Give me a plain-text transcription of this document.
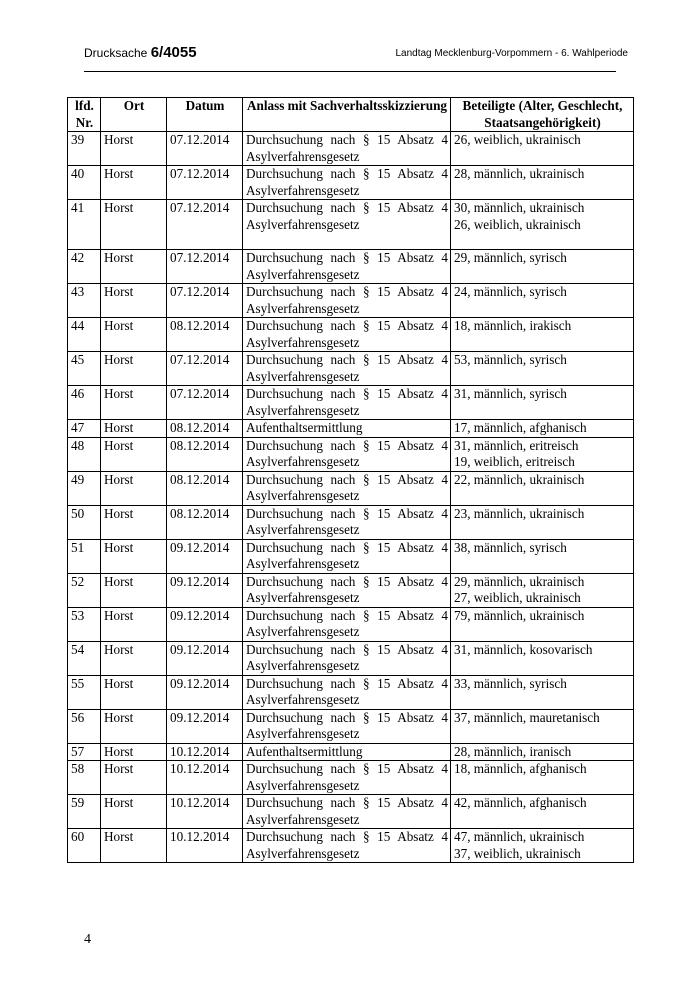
Drucksache 6/4055	Landtag Mecklenburg-Vorpommern - 6. Wahlperiode
lfd. Nr.	Ort	Datum	Anlass mit Sachverhaltsskizzierung	Beteiligte (Alter, Geschlecht, Staatsangehörigkeit)
39	Horst	07.12.2014	Durchsuchung nach § 15 Absatz 4 Asylverfahrensgesetz	26, weiblich, ukrainisch

40	Horst	07.12.2014	Durchsuchung nach § 15 Absatz 4 Asylverfahrensgesetz	28, männlich, ukrainisch

41	Horst	07.12.2014	Durchsuchung nach § 15 Absatz 4 Asylverfahrensgesetz	30, männlich, ukrainisch
26, weiblich, ukrainisch

42	Horst	07.12.2014	Durchsuchung nach § 15 Absatz 4 Asylverfahrensgesetz	29, männlich, syrisch

43	Horst	07.12.2014	Durchsuchung nach § 15 Absatz 4 Asylverfahrensgesetz	24, männlich, syrisch

44	Horst	08.12.2014	Durchsuchung nach § 15 Absatz 4 Asylverfahrensgesetz	18, männlich, irakisch

45	Horst	07.12.2014	Durchsuchung nach § 15 Absatz 4 Asylverfahrensgesetz	53, männlich, syrisch

46	Horst	07.12.2014	Durchsuchung nach § 15 Absatz 4 Asylverfahrensgesetz	31, männlich, syrisch

47	Horst	08.12.2014	Aufenthaltsermittlung	17, männlich, afghanisch

48	Horst	08.12.2014	Durchsuchung nach § 15 Absatz 4 Asylverfahrensgesetz	31, männlich, eritreisch
19, weiblich, eritreisch

49	Horst	08.12.2014	Durchsuchung nach § 15 Absatz 4 Asylverfahrensgesetz	22, männlich, ukrainisch

50	Horst	08.12.2014	Durchsuchung nach § 15 Absatz 4 Asylverfahrensgesetz	23, männlich, ukrainisch

51	Horst	09.12.2014	Durchsuchung nach § 15 Absatz 4 Asylverfahrensgesetz	38, männlich, syrisch

52	Horst	09.12.2014	Durchsuchung nach § 15 Absatz 4 Asylverfahrensgesetz	29, männlich, ukrainisch
27, weiblich, ukrainisch

53	Horst	09.12.2014	Durchsuchung nach § 15 Absatz 4 Asylverfahrensgesetz	79, männlich, ukrainisch

54	Horst	09.12.2014	Durchsuchung nach § 15 Absatz 4 Asylverfahrensgesetz	31, männlich, kosovarisch

55	Horst	09.12.2014	Durchsuchung nach § 15 Absatz 4 Asylverfahrensgesetz	33, männlich, syrisch

56	Horst	09.12.2014	Durchsuchung nach § 15 Absatz 4 Asylverfahrensgesetz	37, männlich, mauretanisch

57	Horst	10.12.2014	Aufenthaltsermittlung	28, männlich, iranisch

58	Horst	10.12.2014	Durchsuchung nach § 15 Absatz 4 Asylverfahrensgesetz	18, männlich, afghanisch

59	Horst	10.12.2014	Durchsuchung nach § 15 Absatz 4 Asylverfahrensgesetz	42, männlich, afghanisch

60	Horst	10.12.2014	Durchsuchung nach § 15 Absatz 4 Asylverfahrensgesetz	47, männlich, ukrainisch
37, weiblich, ukrainisch
4
